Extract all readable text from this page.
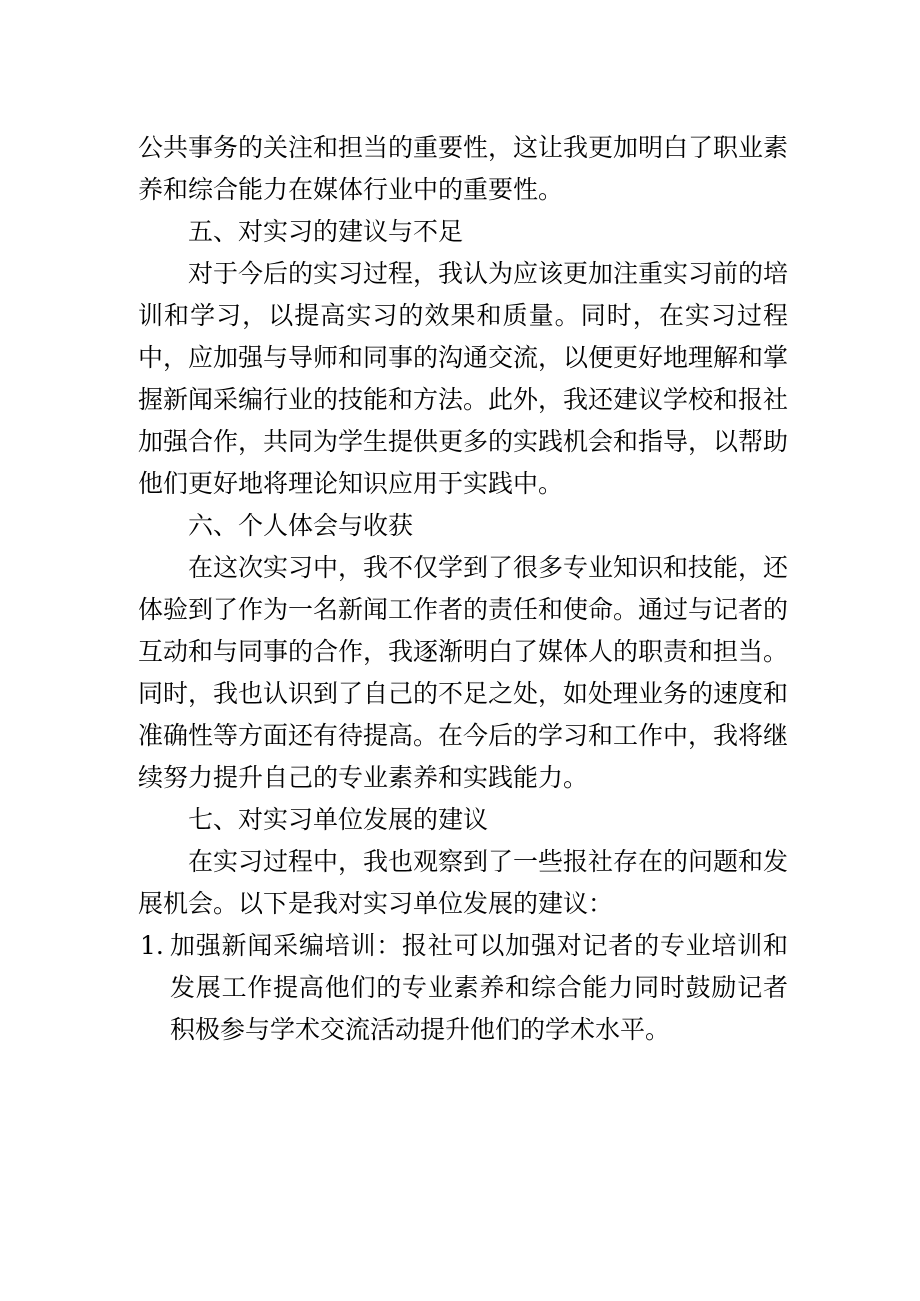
公共事务的关注和担当的重要性，这让我更加明白了职业素养和综合能力在媒体行业中的重要性。

五、对实习的建议与不足

对于今后的实习过程，我认为应该更加注重实习前的培训和学习，以提高实习的效果和质量。同时，在实习过程中，应加强与导师和同事的沟通交流，以便更好地理解和掌握新闻采编行业的技能和方法。此外，我还建议学校和报社加强合作，共同为学生提供更多的实践机会和指导，以帮助他们更好地将理论知识应用于实践中。

六、个人体会与收获

在这次实习中，我不仅学到了很多专业知识和技能，还体验到了作为一名新闻工作者的责任和使命。通过与记者的互动和与同事的合作，我逐渐明白了媒体人的职责和担当。同时，我也认识到了自己的不足之处，如处理业务的速度和准确性等方面还有待提高。在今后的学习和工作中，我将继续努力提升自己的专业素养和实践能力。

七、对实习单位发展的建议

在实习过程中，我也观察到了一些报社存在的问题和发展机会。以下是我对实习单位发展的建议：

1. 加强新闻采编培训：报社可以加强对记者的专业培训和发展工作提高他们的专业素养和综合能力同时鼓励记者积极参与学术交流活动提升他们的学术水平。
